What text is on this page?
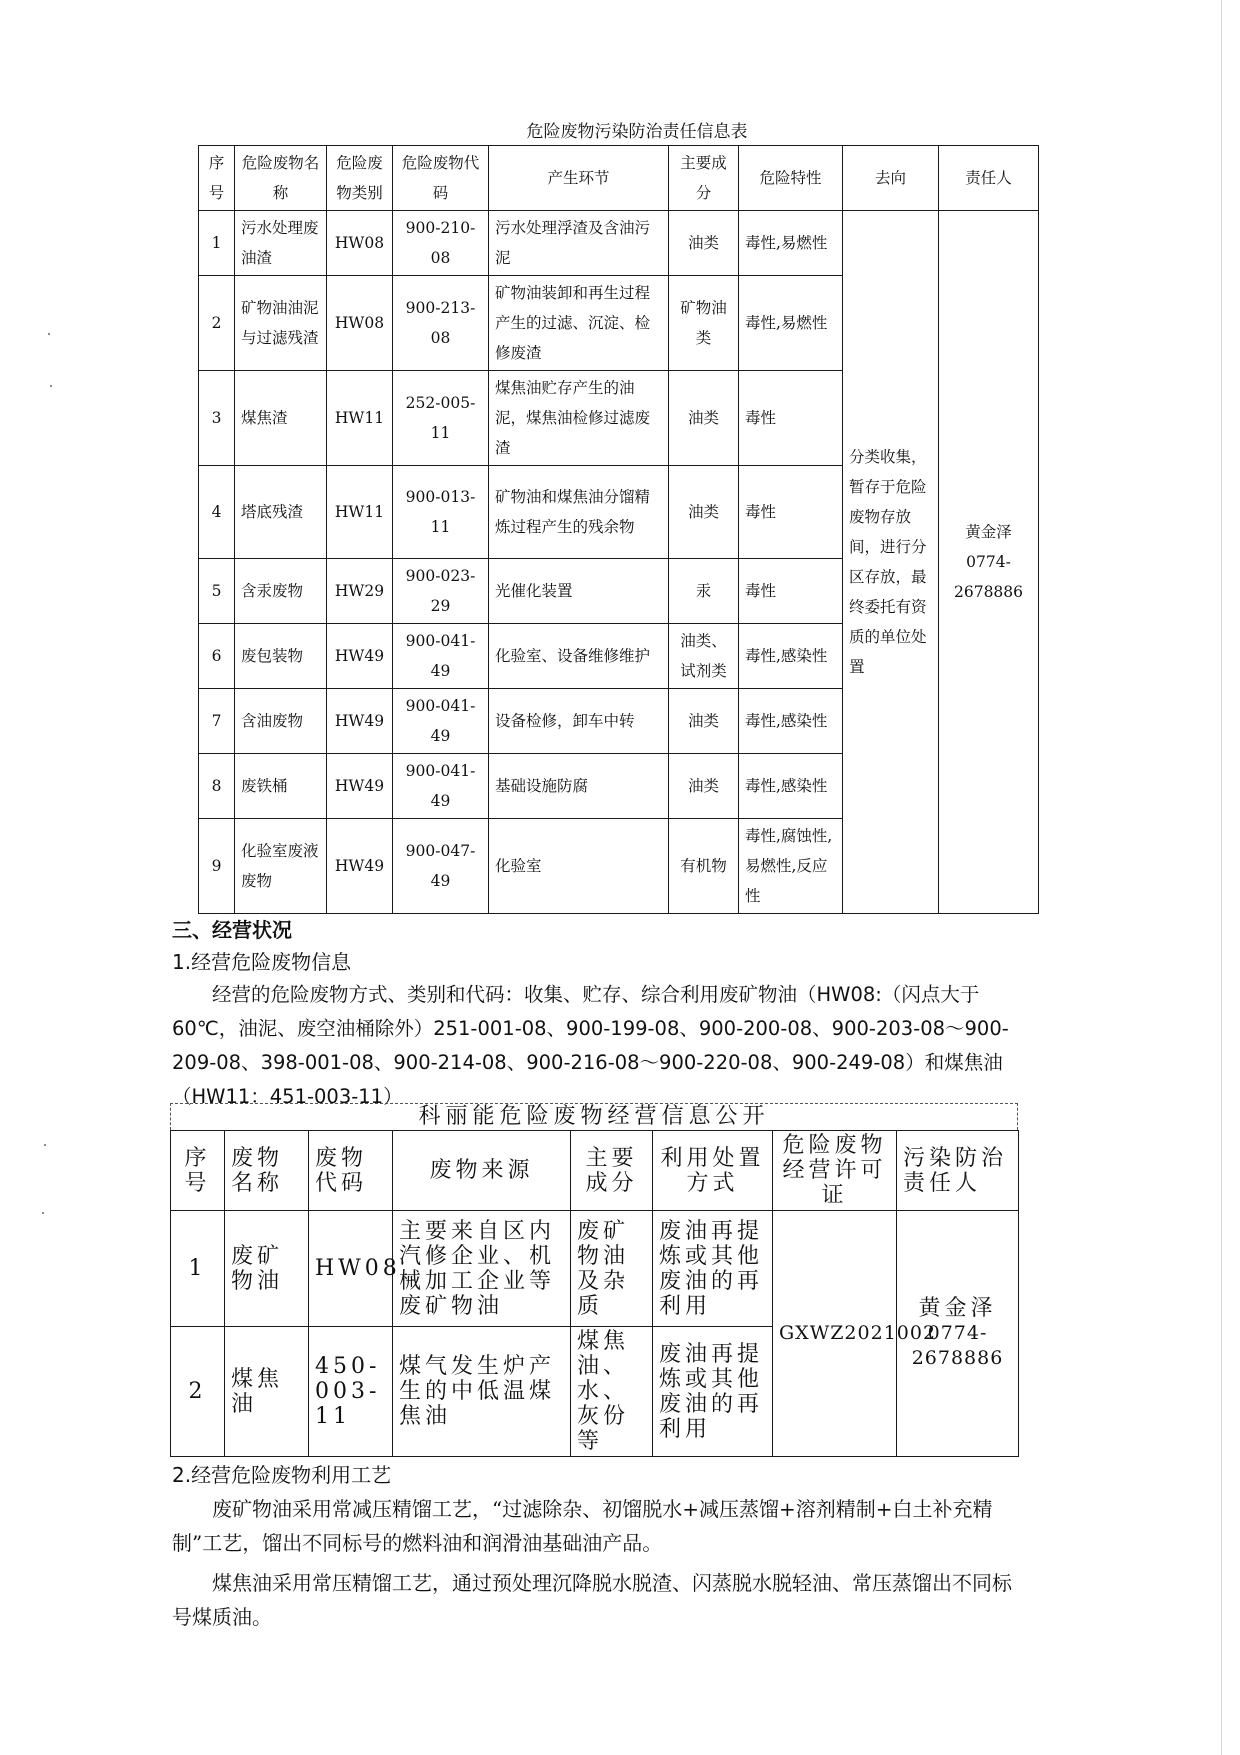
危险废物污染防治责任信息表
序号	危险废物名称	危险废物类别	危险废物代码	产生环节	主要成分	危险特性	去向	责任人
1	污水处理废油渣	HW08	900-210-08	污水处理浮渣及含油污泥	油类	毒性,易燃性	分类收集，暂存于危险废物存放间，进行分区存放，最终委托有资质的单位处置	黄金泽
0774-
2678886

2	矿物油油泥与过滤残渣	HW08	900-213-08	矿物油装卸和再生过程产生的过滤、沉淀、检修废渣	矿物油类	毒性,易燃性		
3	煤焦渣	HW11	252-005-11	煤焦油贮存产生的油泥，煤焦油检修过滤废渣	油类	毒性		
4	塔底残渣	HW11	900-013-11	矿物油和煤焦油分馏精炼过程产生的残余物	油类	毒性		
5	含汞废物	HW29	900-023-29	光催化装置	汞	毒性		
6	废包装物	HW49	900-041-49	化验室、设备维修维护	油类、试剂类	毒性,感染性		
7	含油废物	HW49	900-041-49	设备检修，卸车中转	油类	毒性,感染性		
8	废铁桶	HW49	900-041-49	基础设施防腐	油类	毒性,感染性		
9	化验室废液废物	HW49	900-047-49	化验室	有机物	毒性,腐蚀性,易燃性,反应性		
三、经营状况
1.经营危险废物信息

经营的危险废物方式、类别和代码：收集、贮存、综合利用废矿物油（HW08:（闪点大于 60℃，油泥、废空油桶除外）251-001-08、900-199-08、900-200-08、900-203-08～900-209-08、398-001-08、900-214-08、900-216-08～900-220-08、900-249-08）和煤焦油（HW11：451-003-11）

科丽能危险废物经营信息公开
序号	废物名称	废物代码	废物来源	主要成分	利用处置方式	危险废物经营许可证	污染防治责任人
1	废矿物油	HW08	主要来自区内汽修企业、机械加工企业等废矿物油	废矿物油及杂质	废油再提炼或其他废油的再利用	GXWZ2021002	黄金泽
0774-2678886

2	煤焦油	450-003-11	煤气发生炉产生的中低温煤焦油	煤焦油、水、灰份等	废油再提炼或其他废油的再利用		
2.经营危险废物利用工艺

废矿物油采用常减压精馏工艺，“过滤除杂、初馏脱水+减压蒸馏+溶剂精制+白土补充精制”工艺，馏出不同标号的燃料油和润滑油基础油产品。

煤焦油采用常压精馏工艺，通过预处理沉降脱水脱渣、闪蒸脱水脱轻油、常压蒸馏出不同标号煤质油。
